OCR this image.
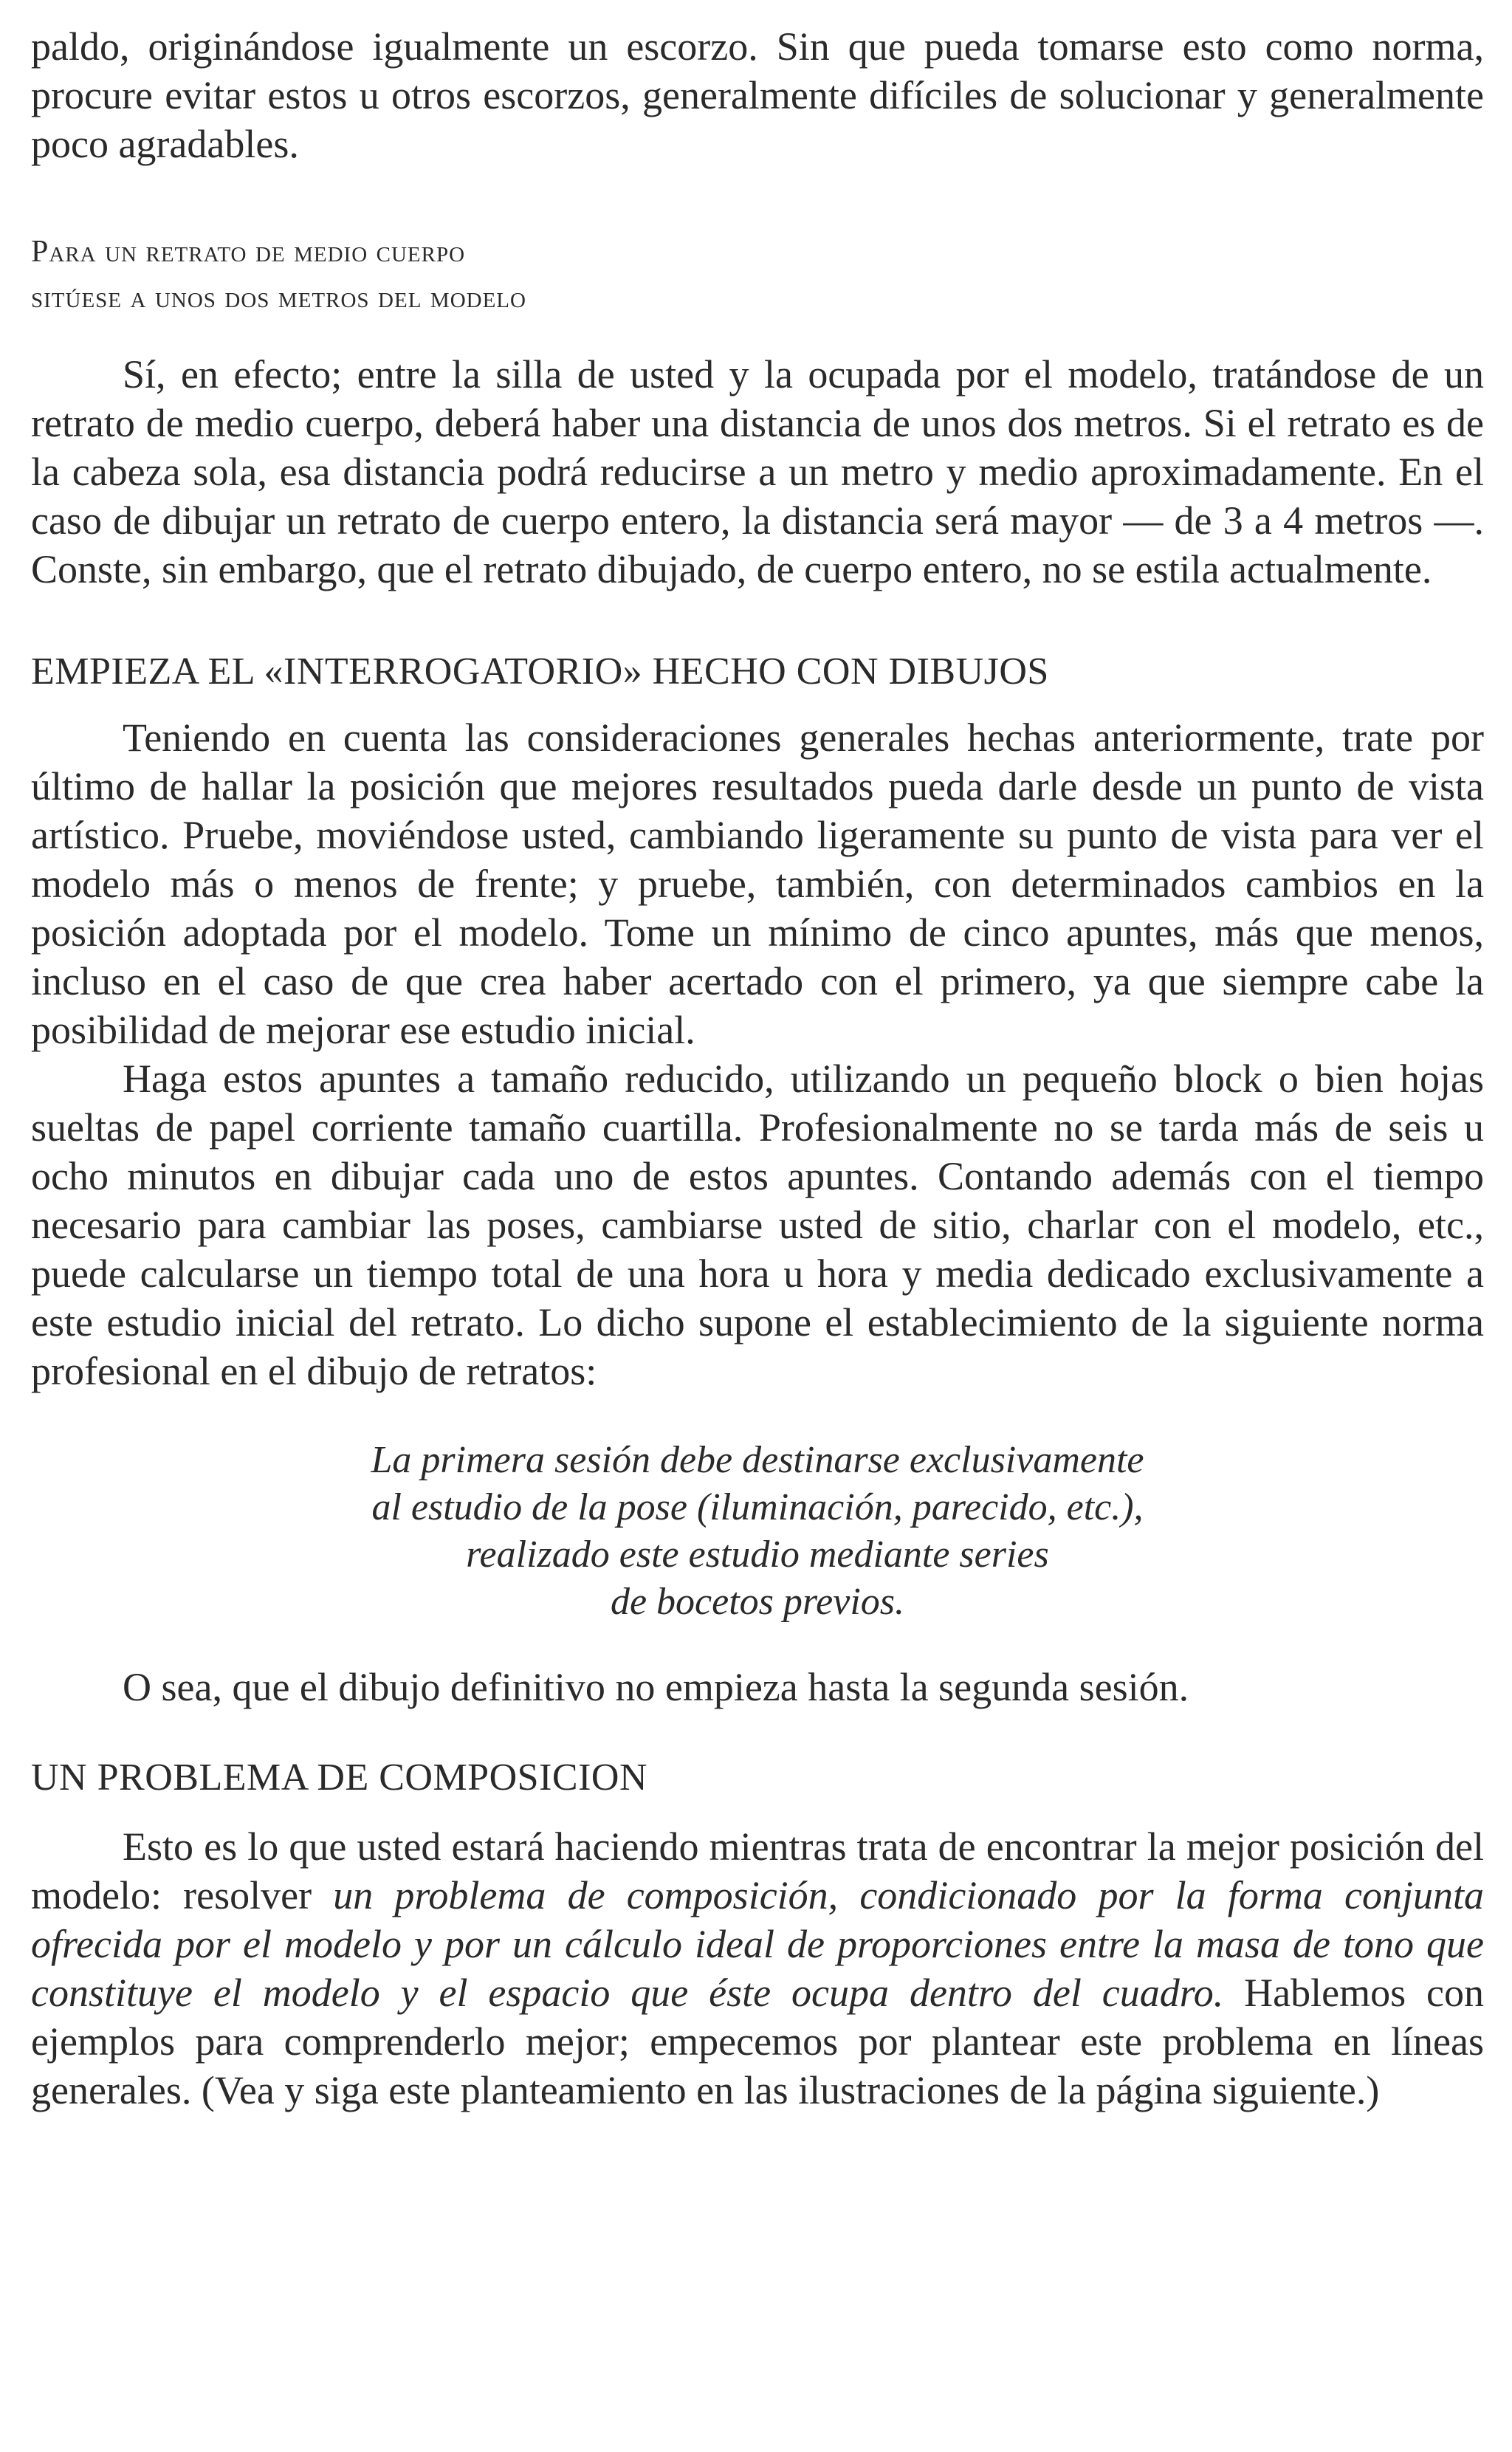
paldo, originándose igualmente un escorzo. Sin que pueda tomarse esto como norma, procure evitar estos u otros escorzos, generalmente difíciles de solucionar y generalmente poco agradables.

Para un retrato de medio cuerpo
sitúese a unos dos metros del modelo

Sí, en efecto; entre la silla de usted y la ocupada por el modelo, tratándose de un retrato de medio cuerpo, deberá haber una distancia de unos dos metros. Si el retrato es de la cabeza sola, esa distancia podrá reducirse a un metro y medio aproximadamente. En el caso de dibujar un retrato de cuerpo entero, la distancia será mayor — de 3 a 4 metros —. Conste, sin embargo, que el retrato dibujado, de cuerpo entero, no se estila actualmente.

EMPIEZA EL «INTERROGATORIO» HECHO CON DIBUJOS

Teniendo en cuenta las consideraciones generales hechas anteriormente, trate por último de hallar la posición que mejores resultados pueda darle desde un punto de vista artístico. Pruebe, moviéndose usted, cambiando ligeramente su punto de vista para ver el modelo más o menos de frente; y pruebe, también, con determinados cambios en la posición adoptada por el modelo. Tome un mínimo de cinco apuntes, más que menos, incluso en el caso de que crea haber acertado con el primero, ya que siempre cabe la posibilidad de mejorar ese estudio inicial.

Haga estos apuntes a tamaño reducido, utilizando un pequeño block o bien hojas sueltas de papel corriente tamaño cuartilla. Profesionalmente no se tarda más de seis u ocho minutos en dibujar cada uno de estos apuntes. Contando además con el tiempo necesario para cambiar las poses, cambiarse usted de sitio, charlar con el modelo, etc., puede calcularse un tiempo total de una hora u hora y media dedicado exclusivamente a este estudio inicial del retrato. Lo dicho supone el establecimiento de la siguiente norma profesional en el dibujo de retratos:

La primera sesión debe destinarse exclusivamente
al estudio de la pose (iluminación, parecido, etc.),
realizado este estudio mediante series
de bocetos previos.

O sea, que el dibujo definitivo no empieza hasta la segunda sesión.

UN PROBLEMA DE COMPOSICION

Esto es lo que usted estará haciendo mientras trata de encontrar la mejor posición del modelo: resolver un problema de composición, condicionado por la forma conjunta ofrecida por el modelo y por un cálculo ideal de proporciones entre la masa de tono que constituye el modelo y el espacio que éste ocupa dentro del cuadro. Hablemos con ejemplos para comprenderlo mejor; empecemos por plantear este problema en líneas generales. (Vea y siga este planteamiento en las ilustraciones de la página siguiente.)
